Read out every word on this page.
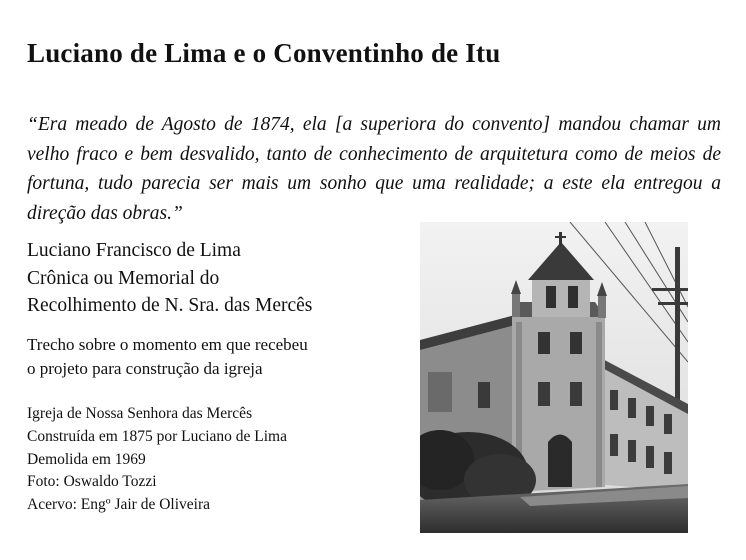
Luciano de Lima e o Conventinho de Itu

“Era meado de Agosto de 1874, ela [a superiora do convento] mandou chamar um velho fraco e bem desvalido, tanto de conhecimento de arquitetura como de meios de fortuna, tudo parecia ser mais um sonho que uma realidade; a este ela entregou a direção das obras.”

Luciano Francisco de Lima
Crônica ou Memorial do
Recolhimento de N. Sra. das Mercês
Trecho sobre o momento em que recebeu
o projeto para construção da igreja
Igreja de Nossa Senhora das Mercês
Construída em 1875 por Luciano de Lima
Demolida em 1969
Foto: Oswaldo Tozzi
Acervo: Engº Jair de Oliveira
